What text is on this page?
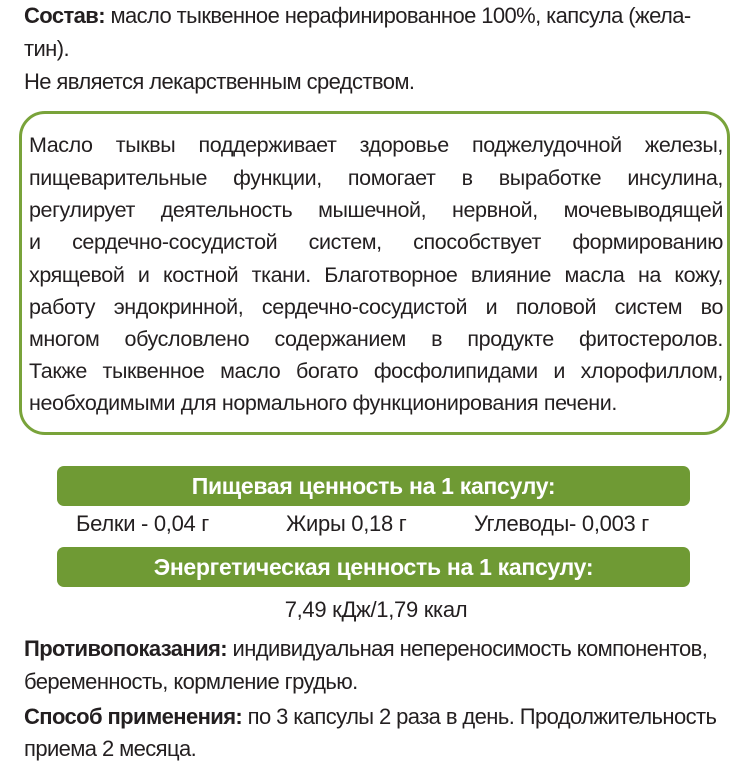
Состав: масло тыквенное нерафинированное 100%, капсула (жела-
тин).
Не является лекарственным средством.
Масло тыквы поддерживает здоровье поджелудочной железы,
пищеварительные функции, помогает в выработке инсулина,
регулирует деятельность мышечной, нервной, мочевыводящей
и сердечно-сосудистой систем, способствует формированию
хрящевой и костной ткани. Благотворное влияние масла на кожу,
работу эндокринной, сердечно-сосудистой и половой систем во
многом обусловлено содержанием в продукте фитостеролов.
Также тыквенное масло богато фосфолипидами и хлорофиллом,
необходимыми для нормального функционирования печени.
Пищевая ценность на 1 капсулу:
Белки - 0,04 г	Жиры 0,18 г	Углеводы- 0,003 г
Энергетическая ценность на 1 капсулу:
7,49 кДж/1,79 ккал
Противопоказания: индивидуальная непереносимость компонентов,
беременность, кормление грудью.
Способ применения: по 3 капсулы 2 раза в день. Продолжительность
приема 2 месяца.
